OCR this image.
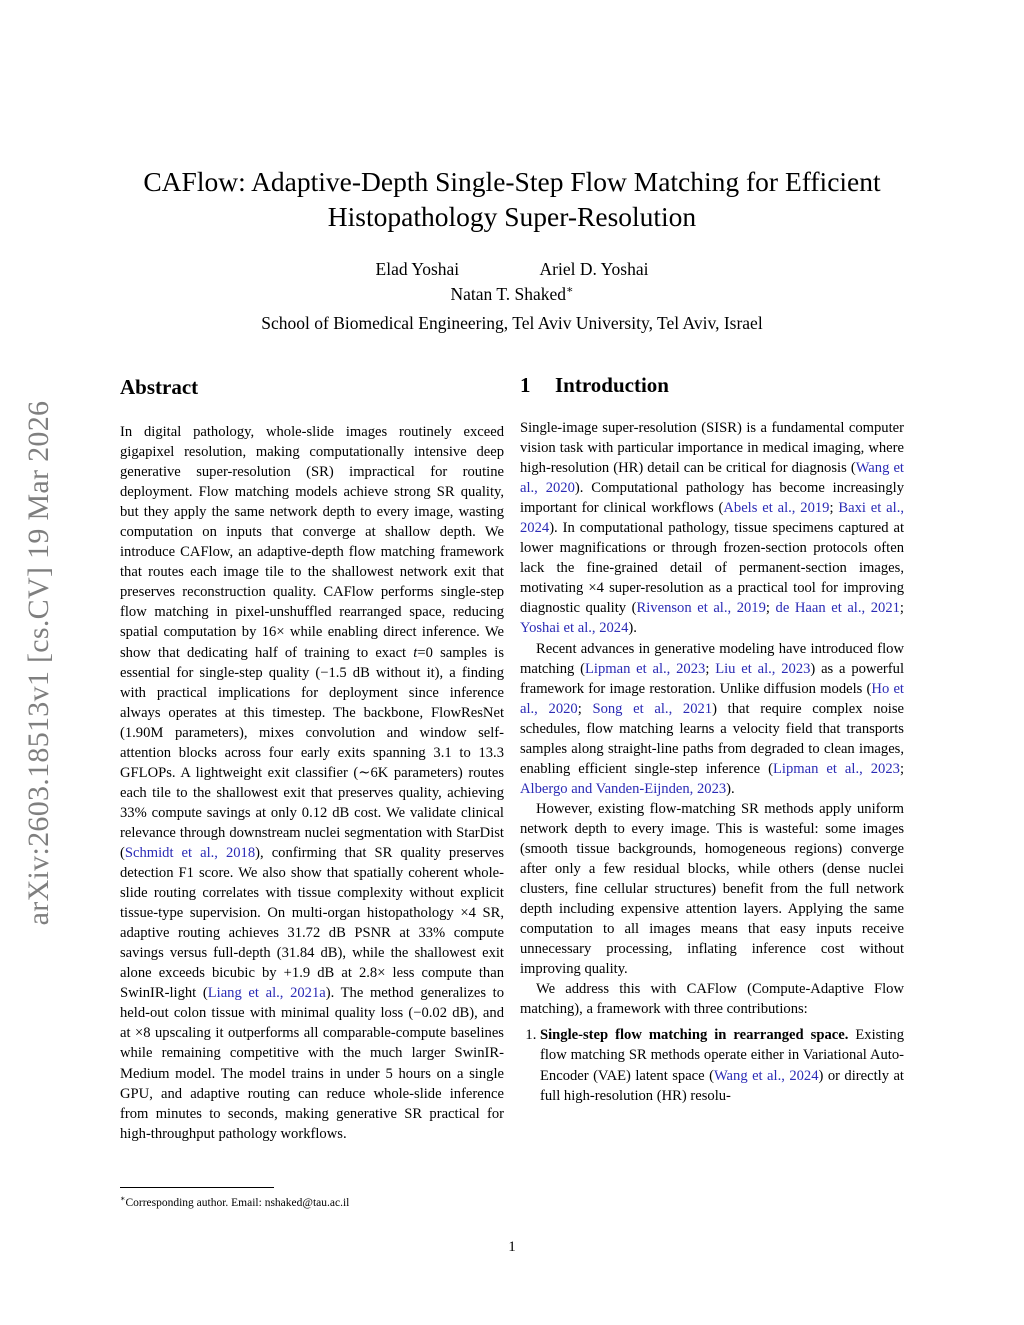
arXiv:2603.18513v1 [cs.CV] 19 Mar 2026
CAFlow: Adaptive-Depth Single-Step Flow Matching for Efficient
Histopathology Super-Resolution
Elad Yoshai	Ariel D. Yoshai
Natan T. Shaked∗
School of Biomedical Engineering, Tel Aviv University, Tel Aviv, Israel
Abstract

In digital pathology, whole-slide images routinely exceed gigapixel resolution, making computationally intensive deep generative super-resolution (SR) impractical for routine deployment. Flow matching models achieve strong SR quality, but they apply the same network depth to every image, wasting computation on inputs that converge at shallow depth. We introduce CAFlow, an adaptive-depth flow matching framework that routes each image tile to the shallowest network exit that preserves reconstruction quality. CAFlow performs single-step flow matching in pixel-unshuffled rearranged space, reducing spatial computation by 16× while enabling direct inference. We show that dedicating half of training to exact t=0 samples is essential for single-step quality (−1.5 dB without it), a finding with practical implications for deployment since inference always operates at this timestep. The backbone, FlowResNet (1.90M parameters), mixes convolution and window self-attention blocks across four early exits spanning 3.1 to 13.3 GFLOPs. A lightweight exit classifier (∼6K parameters) routes each tile to the shallowest exit that preserves quality, achieving 33% compute savings at only 0.12 dB cost. We validate clinical relevance through downstream nuclei segmentation with StarDist (Schmidt et al., 2018), confirming that SR quality preserves detection F1 score. We also show that spatially coherent whole-slide routing correlates with tissue complexity without explicit tissue-type supervision. On multi-organ histopathology ×4 SR, adaptive routing achieves 31.72 dB PSNR at 33% compute savings versus full-depth (31.84 dB), while the shallowest exit alone exceeds bicubic by +1.9 dB at 2.8× less compute than SwinIR-light (Liang et al., 2021a). The method generalizes to held-out colon tissue with minimal quality loss (−0.02 dB), and at ×8 upscaling it outperforms all comparable-compute baselines while remaining competitive with the much larger SwinIR-Medium model. The model trains in under 5 hours on a single GPU, and adaptive routing can reduce whole-slide inference from minutes to seconds, making generative SR practical for high-throughput pathology workflows.

1 Introduction

Single-image super-resolution (SISR) is a fundamental computer vision task with particular importance in medical imaging, where high-resolution (HR) detail can be critical for diagnosis (Wang et al., 2020). Computational pathology has become increasingly important for clinical workflows (Abels et al., 2019; Baxi et al., 2024). In computational pathology, tissue specimens captured at lower magnifications or through frozen-section protocols often lack the fine-grained detail of permanent-section images, motivating ×4 super-resolution as a practical tool for improving diagnostic quality (Rivenson et al., 2019; de Haan et al., 2021; Yoshai et al., 2024).

Recent advances in generative modeling have introduced flow matching (Lipman et al., 2023; Liu et al., 2023) as a powerful framework for image restoration. Unlike diffusion models (Ho et al., 2020; Song et al., 2021) that require complex noise schedules, flow matching learns a velocity field that transports samples along straight-line paths from degraded to clean images, enabling efficient single-step inference (Lipman et al., 2023; Albergo and Vanden-Eijnden, 2023).

However, existing flow-matching SR methods apply uniform network depth to every image. This is wasteful: some images (smooth tissue backgrounds, homogeneous regions) converge after only a few residual blocks, while others (dense nuclei clusters, fine cellular structures) benefit from the full network depth including expensive attention layers. Applying the same computation to all images means that easy inputs receive unnecessary processing, inflating inference cost without improving quality.

We address this with CAFlow (Compute-Adaptive Flow matching), a framework with three contributions:

1. Single-step flow matching in rearranged space. Existing flow matching SR methods operate either in Variational Auto-Encoder (VAE) latent space (Wang et al., 2024) or directly at full high-resolution (HR) resolu-
∗Corresponding author. Email: nshaked@tau.ac.il
1
